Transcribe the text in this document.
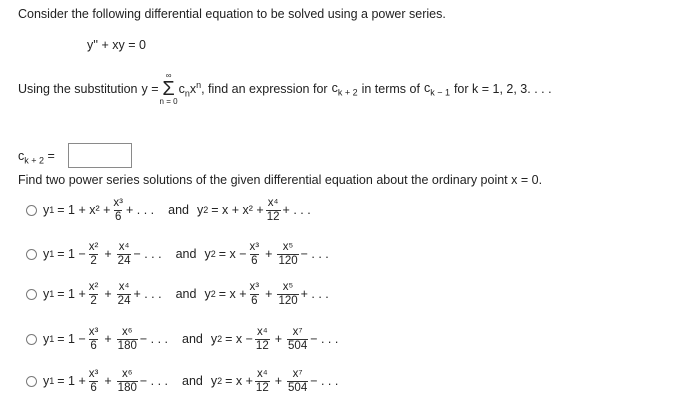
Consider the following differential equation to be solved using a power series.
y'' + xy = 0
Using the substitution y =
∞
Σ
n = 0
$c_nx^n$ , find an expression for $c_{k + 2}$ in terms of $c_{k - 1}$ for k = 1, 2, 3. . . .
$c_{k + 2}$ =
Find two power series solutions of the given differential equation about the ordinary point x = 0.
y $1 = 1 + x^2 + \frac{\text{x³}}{6}$ + . . . and y $2 = x + x^2 + \frac{\text{x⁴}}{12}$ + . . .
y $1 = 1 - \frac{\text{x²}}{2} + \frac{\text{x⁴}}{24}$ − . . . and y $2 = x - \frac{\text{x³}}{6} + \frac{\text{x⁵}}{120}$ − . . .
y $1 = 1 + \frac{\text{x²}}{2} + \frac{\text{x⁴}}{24}$ + . . . and y $2 = x + \frac{\text{x³}}{6} + \frac{\text{x⁵}}{120}$ + . . .
y $1 = 1 - \frac{\text{x³}}{6} + \frac{\text{x⁶}}{180}$ − . . . and y $2 = x - \frac{\text{x⁴}}{12} + \frac{\text{x⁷}}{504}$ − . . .
y $1 = 1 + \frac{\text{x³}}{6} + \frac{\text{x⁶}}{180}$ − . . . and y $2 = x + \frac{\text{x⁴}}{12} + \frac{\text{x⁷}}{504}$ − . . .
